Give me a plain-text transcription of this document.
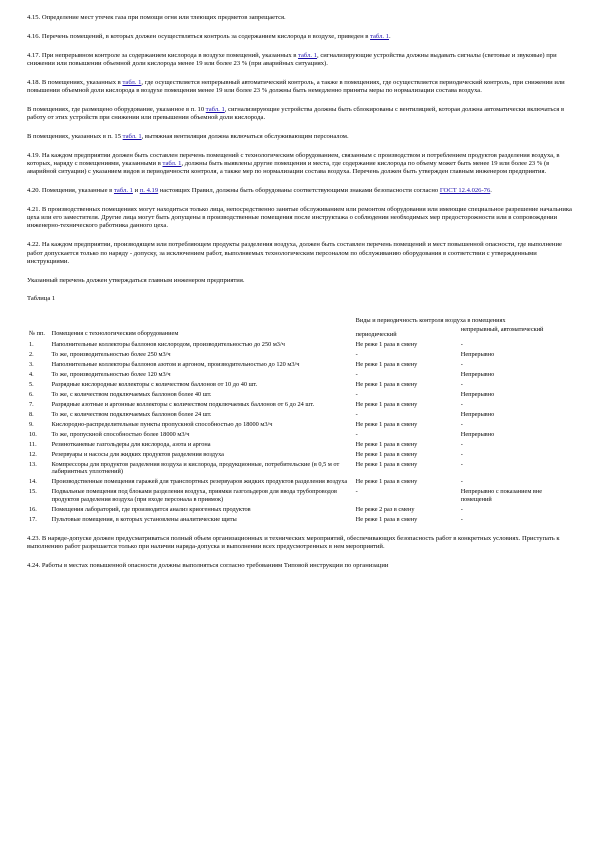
4.15. Определение мест утечек газа при помощи огня или тлеющих предметов запрещается.
4.16. Перечень помещений, в которых должен осуществляться контроль за содержанием кислорода в воздухе, приведен в табл. 1.
4.17. При непрерывном контроле за содержанием кислорода в воздухе помещений, указанных в табл. 1, сигнализирующие устройства должны выдавать сигналы (световые и звуковые) при снижении или повышении объемной доли кислорода менее 19 или более 23 % (при аварийных ситуациях).
4.18. В помещениях, указанных в табл. 1, где осуществляется непрерывный автоматический контроль, а также в помещениях, где осуществляется периодический контроль, при снижении или повышении объемной доли кислорода в воздухе помещения менее 19 или более 23 % должны быть немедленно приняты меры по нормализации состава воздуха.
В помещениях, где размещено оборудование, указанное в п. 10 табл. 1, сигнализирующие устройства должны быть сблокированы с вентиляцией, которая должна автоматически включаться в работу от этих устройств при снижении или превышении объемной доли кислорода.
В помещениях, указанных в п. 15 табл. 1, вытяжная вентиляция должна включаться обслуживающим персоналом.
4.19. На каждом предприятии должен быть составлен перечень помещений с технологическим оборудованием, связанным с производством и потреблением продуктов разделения воздуха, в которых, наряду с помещениями, указанными в табл. 1, должны быть выявлены другие помещения и места, где содержание кислорода по объему может быть менее 19 или более 23 % (в аварийной ситуации) с указанием видов и периодичности контроля, а также мер по нормализации состава воздуха. Перечень должен быть утвержден главным инженером предприятия.
4.20. Помещения, указанные в табл. 1 и п. 4.19 настоящих Правил, должны быть оборудованы соответствующими знаками безопасности согласно ГОСТ 12.4.026-76.
4.21. В производственных помещениях могут находиться только лица, непосредственно занятые обслуживанием или ремонтом оборудования или имеющие специальное разрешение начальника цеха или его заместителя. Другие лица могут быть допущены в производственные помещения после инструктажа о соблюдении необходимых мер предосторожности или в сопровождении инженерно-технического работника данного цеха.
4.22. На каждом предприятии, производящем или потребляющем продукты разделения воздуха, должен быть составлен перечень помещений и мест повышенной опасности, где выполнение работ допускается только по наряду - допуску, за исключением работ, выполняемых технологическим персоналом по обслуживанию оборудования в соответствии с утвержденными инструкциями.
Указанный перечень должен утверждаться главным инженером предприятия.
Таблица 1
№ пп.	Помещения с технологическим оборудованием	Виды и периодичность контроля воздуха в помещениях	
		периодический	непрерывный, автоматический
1.	Наполнительные коллекторы баллонов кислородом, производительностью до 250 м3/ч	Не реже 1 раза в смену	-
2.	То же, производительностью более 250 м3/ч	-	Непрерывно
3.	Наполнительные коллекторы баллонов азотом и аргоном, производительностью до 120 м3/ч	Не реже 1 раза в смену	-
4.	То же, производительностью более 120 м3/ч	-	Непрерывно
5.	Разрядные кислородные коллекторы с количеством баллонов от 10 до 40 шт.	Не реже 1 раза в смену	-
6.	То же, с количеством подключаемых баллонов более 40 шт.	-	Непрерывно
7.	Разрядные азотные и аргонные коллекторы с количеством подключаемых баллонов от 6 до 24 шт.	Не реже 1 раза в смену	-
8.	То же, с количеством подключаемых баллонов более 24 шт.	-	Непрерывно
9.	Кислородно-распределительные пункты пропускной способностью до 18000 м3/ч	Не реже 1 раза в смену	-
10.	То же, пропускной способностью более 18000 м3/ч	-	Непрерывно
11.	Резинотканевые газгольдеры для кислорода, азота и аргона	Не реже 1 раза в смену	-
12.	Резервуары и насосы для жидких продуктов разделения воздуха	Не реже 1 раза в смену	-
13.	Компрессоры для продуктов разделения воздуха и кислорода, продукционные, потребительские (в 0,5 м от лабиринтных уплотнений)	Не реже 1 раза в смену	-
14.	Производственные помещения гаражей для транспортных резервуаров жидких продуктов разделения воздуха	Не реже 1 раза в смену	-
15.	Подвальные помещения под блоками разделения воздуха, приямки газгольдеров для ввода трубопроводов продуктов разделения воздуха (при входе персонала в приямок)	-	Непрерывно с показанием вне помещений
16.	Помещения лабораторий, где производится анализ криогенных продуктов	Не реже 2 раз в смену	-
17.	Пультовые помещения, в которых установлены аналитические щиты	Не реже 1 раза в смену	-
4.23. В наряде-допуске должен предусматриваться полный объем организационных и технических мероприятий, обеспечивающих безопасность работ в конкретных условиях. Приступать к выполнению работ разрешается только при наличии наряда-допуска и выполнении всех предусмотренных в нем мероприятий.
4.24. Работы в местах повышенной опасности должны выполняться согласно требованиям Типовой инструкции по организации
